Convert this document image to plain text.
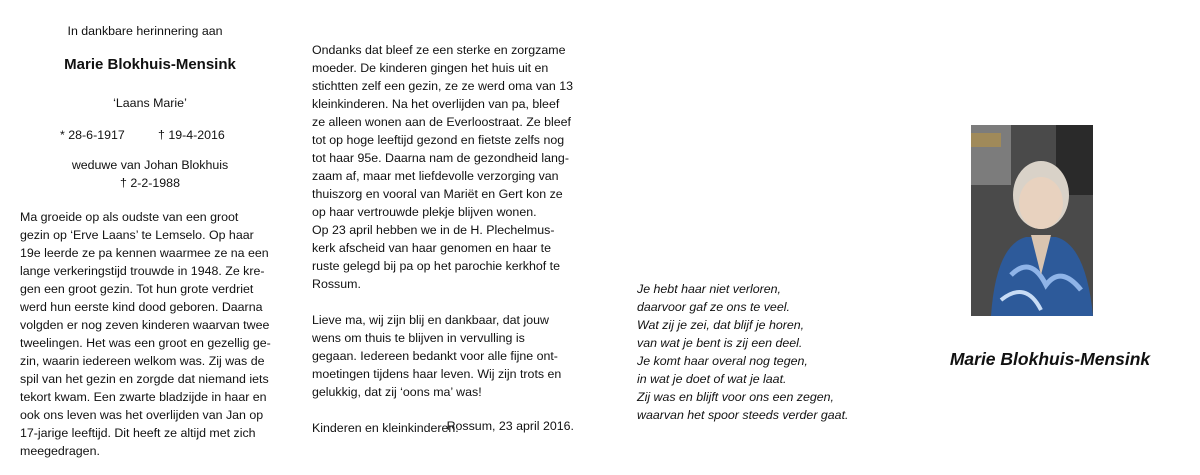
In dankbare herinnering aan
Marie Blokhuis-Mensink
‘Laans Marie’
* 28-6-1917	† 19-4-2016
weduwe van Johan Blokhuis
† 2-2-1988
Ma groeide op als oudste van een groot
gezin op ‘Erve Laans’ te Lemselo. Op haar
19e leerde ze pa kennen waarmee ze na een
lange verkeringstijd trouwde in 1948. Ze kre-
gen een groot gezin. Tot hun grote verdriet
werd hun eerste kind dood geboren. Daarna
volgden er nog zeven kinderen waarvan twee
tweelingen. Het was een groot en gezellig ge-
zin, waarin iedereen welkom was. Zij was de
spil van het gezin en zorgde dat niemand iets
tekort kwam. Een zwarte bladzijde in haar en
ook ons leven was het overlijden van Jan op
17-jarige leeftijd. Dit heeft ze altijd met zich
meegedragen.
Ondanks dat bleef ze een sterke en zorgzame
moeder. De kinderen gingen het huis uit en
stichtten zelf een gezin, ze ze werd oma van 13
kleinkinderen. Na het overlijden van pa, bleef
ze alleen wonen aan de Everloostraat. Ze bleef
tot op hoge leeftijd gezond en fietste zelfs nog
tot haar 95e. Daarna nam de gezondheid lang-
zaam af, maar met liefdevolle verzorging van
thuiszorg en vooral van Mariët en Gert kon ze
op haar vertrouwde plekje blijven wonen.
Op 23 april hebben we in de H. Plechelmus-
kerk afscheid van haar genomen en haar te
ruste gelegd bij pa op het parochie kerkhof te
Rossum.
Lieve ma, wij zijn blij en dankbaar, dat jouw
wens om thuis te blijven in vervulling is
gegaan. Iedereen bedankt voor alle fijne ont-
moetingen tijdens haar leven. Wij zijn trots en
gelukkig, dat zij ‘oons ma’ was!
Kinderen en kleinkinderen.
Rossum, 23 april 2016.
Je hebt haar niet verloren,
daarvoor gaf ze ons te veel.
Wat zij je zei, dat blijf je horen,
van wat je bent is zij een deel.
Je komt haar overal nog tegen,
in wat je doet of wat je laat.
Zij was en blijft voor ons een zegen,
waarvan het spoor steeds verder gaat.
Marie Blokhuis-Mensink
